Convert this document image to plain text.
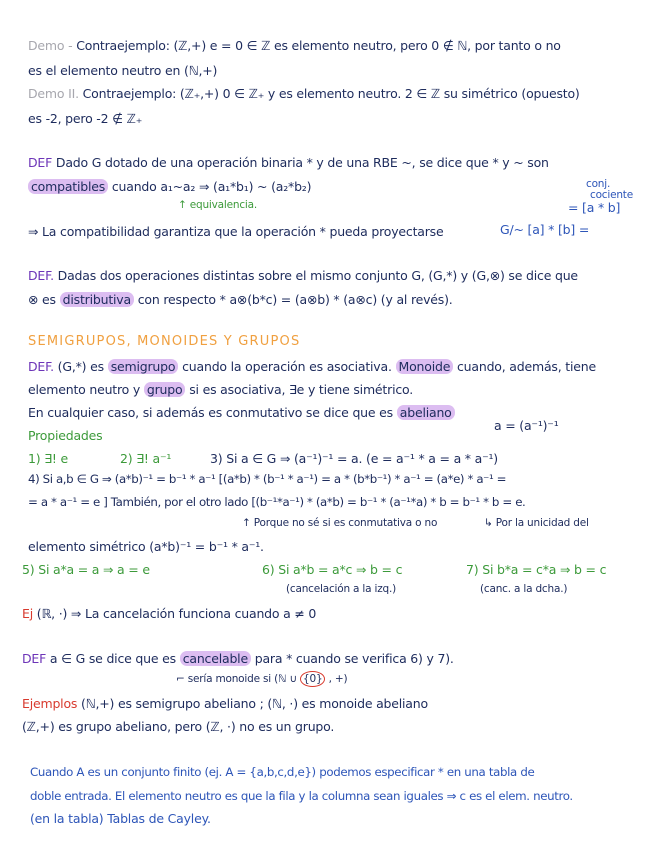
Demo - Contraejemplo: (ℤ,+) e = 0 ∈ ℤ es elemento neutro, pero 0 ∉ ℕ, por tanto o no
es el elemento neutro en (ℕ,+)
Demo II. Contraejemplo: (ℤ₊,+) 0 ∈ ℤ₊ y es elemento neutro. 2 ∈ ℤ su simétrico (opuesto)
es -2, pero -2 ∉ ℤ₊
DEF Dado G dotado de una operación binaria * y de una RBE ~, se dice que * y ~ son
compatibles cuando a₁~a₂ ⇒ (a₁*b₁) ~ (a₂*b₂)
↑ equivalencia.
conj.
cociente
= [a * b]
⇒ La compatibilidad garantiza que la operación * pueda proyectarse	G/~ [a] * [b] =
DEF. Dadas dos operaciones distintas sobre el mismo conjunto G, (G,*) y (G,⊗) se dice que
⊗ es distributiva con respecto * a⊗(b*c) = (a⊗b) * (a⊗c) (y al revés).
SEMIGRUPOS, MONOIDES Y GRUPOS
DEF. (G,*) es semigrupo cuando la operación es asociativa. Monoide cuando, además, tiene
elemento neutro y grupo si es asociativa, ∃e y tiene simétrico.
En cualquier caso, si además es conmutativo se dice que es abeliano
Propiedades
a = (a⁻¹)⁻¹
1) ∃! e	2) ∃! a⁻¹	3) Si a ∈ G ⇒ (a⁻¹)⁻¹ = a. (e = a⁻¹ * a = a * a⁻¹)
4) Si a,b ∈ G ⇒ (a*b)⁻¹ = b⁻¹ * a⁻¹ [(a*b) * (b⁻¹ * a⁻¹) = a * (b*b⁻¹) * a⁻¹ = (a*e) * a⁻¹ =
= a * a⁻¹ = e ] También, por el otro lado [(b⁻¹*a⁻¹) * (a*b) = b⁻¹ * (a⁻¹*a) * b = b⁻¹ * b = e.
↑ Porque no sé si es conmutativa o no	↳ Por la unicidad del
elemento simétrico (a*b)⁻¹ = b⁻¹ * a⁻¹.
5) Si a*a = a ⇒ a = e	6) Si a*b = a*c ⇒ b = c
(cancelación a la izq.)
7) Si b*a = c*a ⇒ b = c
(canc. a la dcha.)
Ej (ℝ, ·) ⇒ La cancelación funciona cuando a ≠ 0
DEF a ∈ G se dice que es cancelable para * cuando se verifica 6) y 7).
⌐ sería monoide si (ℕ ∪ {0} , +)
Ejemplos (ℕ,+) es semigrupo abeliano ; (ℕ, ·) es monoide abeliano
(ℤ,+) es grupo abeliano, pero (ℤ, ·) no es un grupo.
Cuando A es un conjunto finito (ej. A = {a,b,c,d,e}) podemos especificar * en una tabla de
doble entrada. El elemento neutro es que la fila y la columna sean iguales ⇒ c es el elem. neutro.
(en la tabla) Tablas de Cayley.
